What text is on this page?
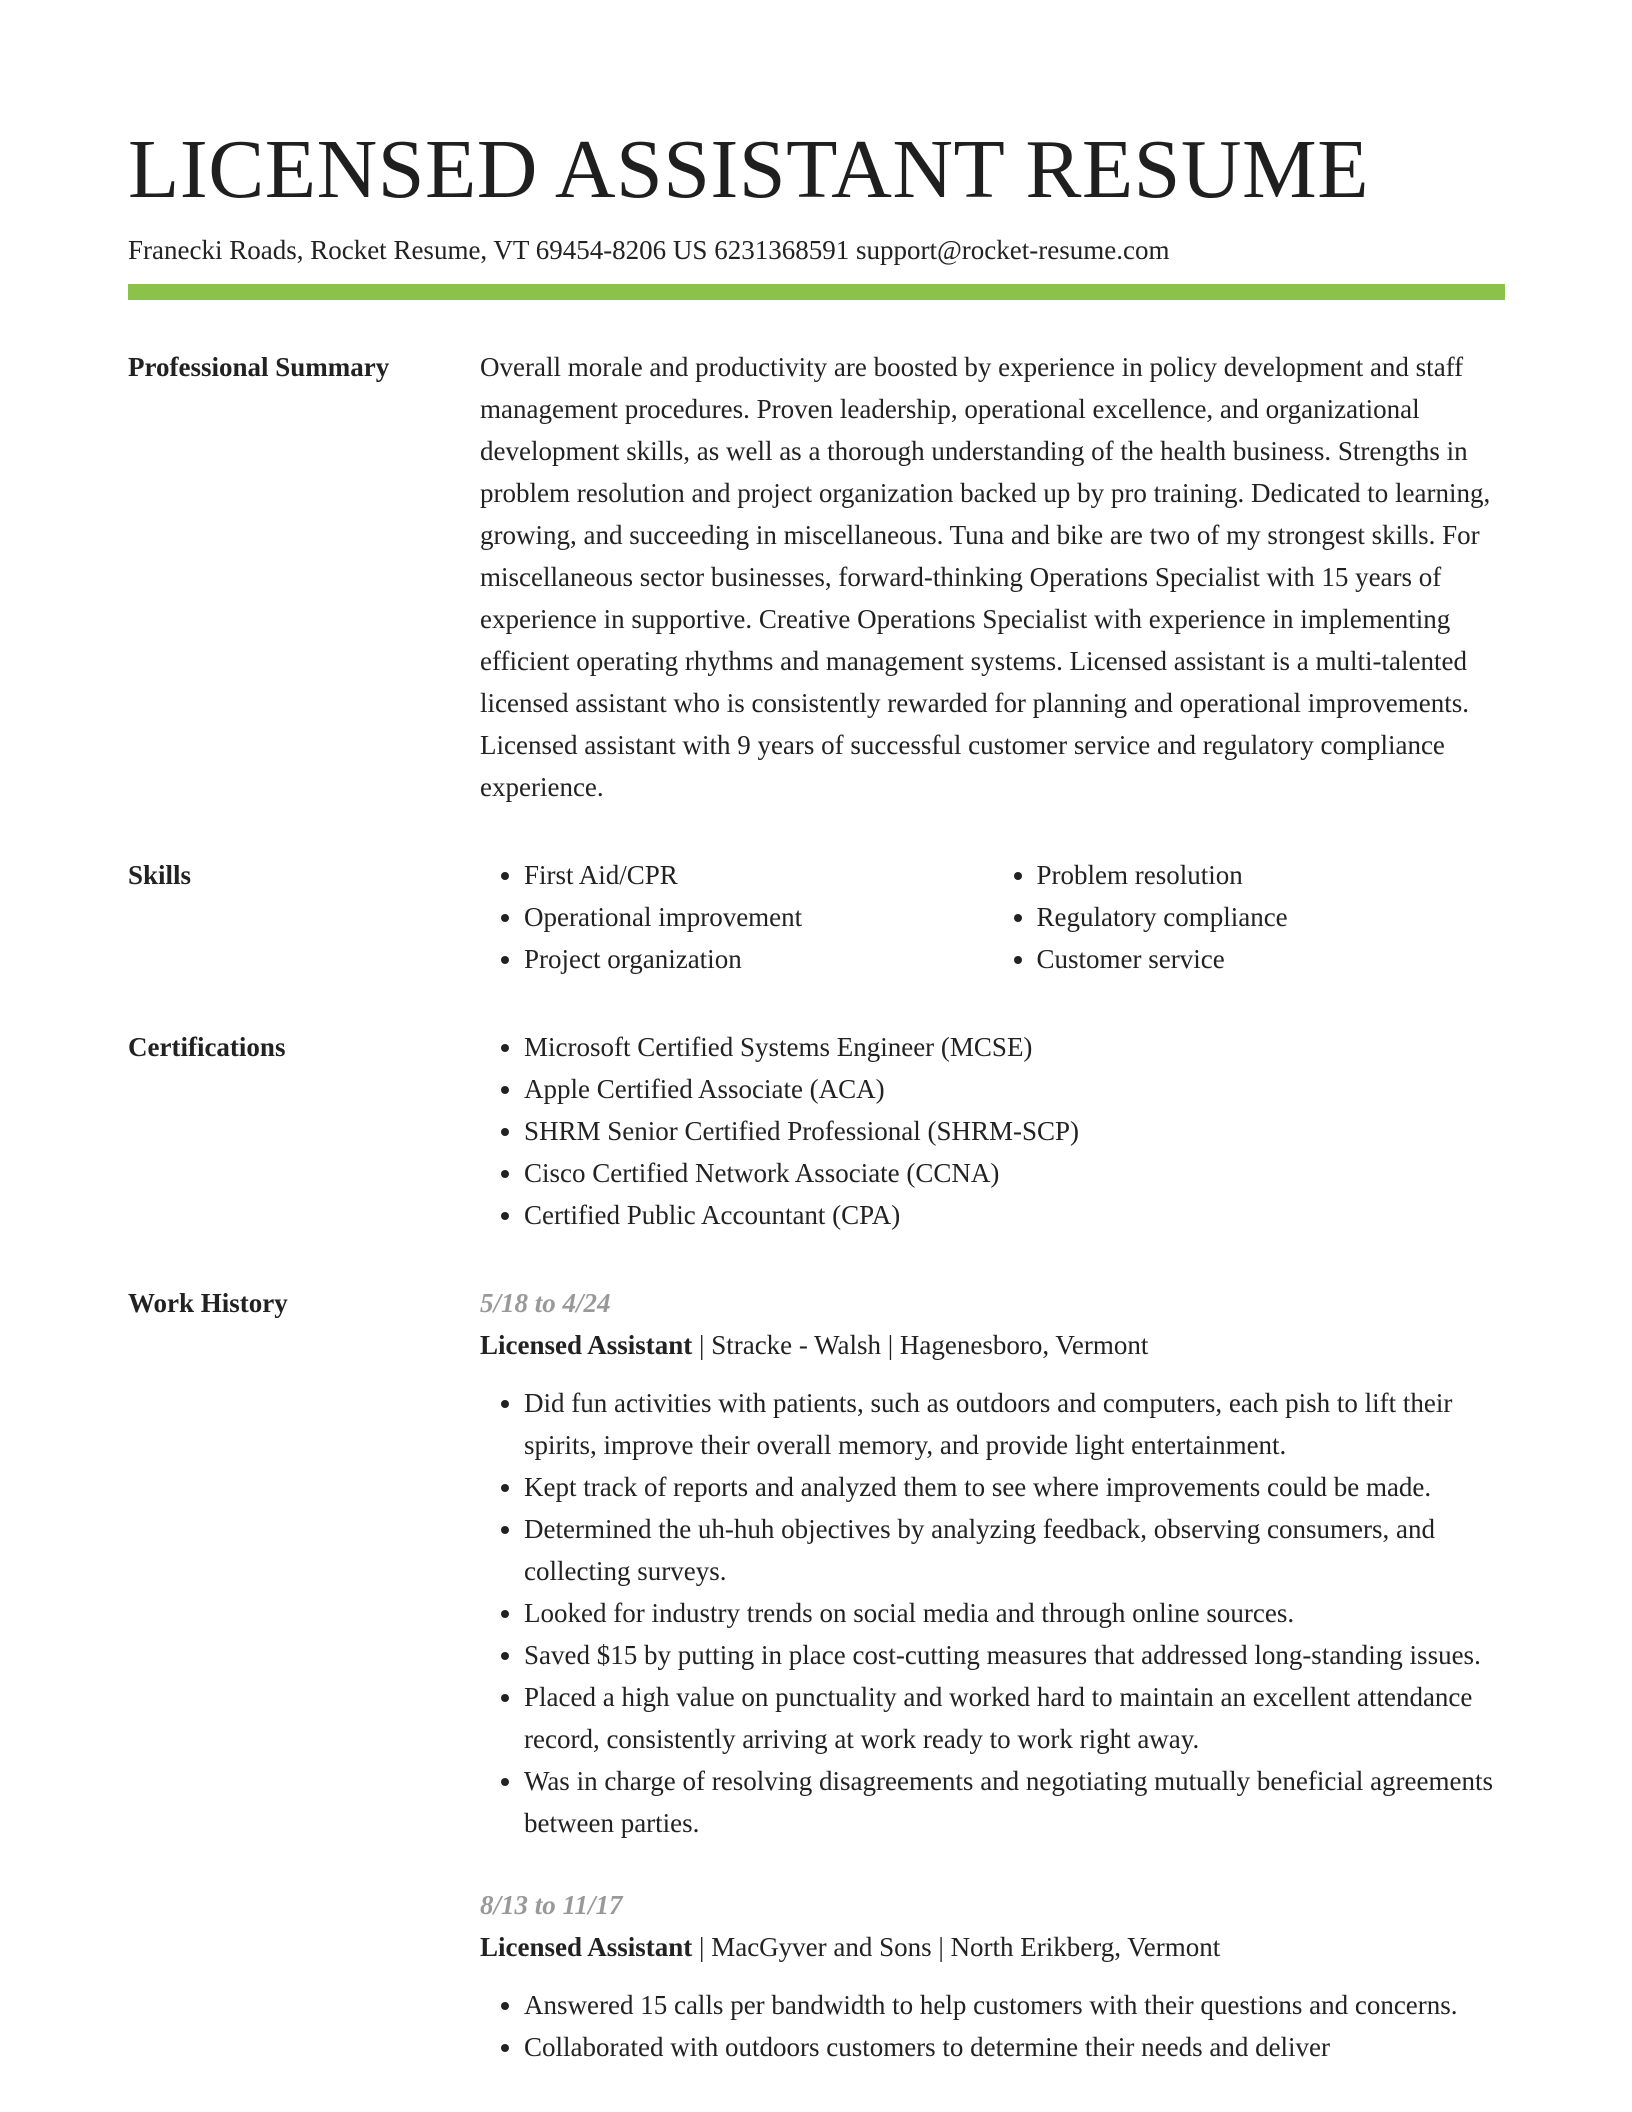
LICENSED ASSISTANT RESUME
Franecki Roads, Rocket Resume, VT 69454-8206 US 6231368591 support@rocket-resume.com
Professional Summary	Overall morale and productivity are boosted by experience in policy development and staff management procedures. Proven leadership, operational excellence, and organizational development skills, as well as a thorough understanding of the health business. Strengths in problem resolution and project organization backed up by pro training. Dedicated to learning, growing, and succeeding in miscellaneous. Tuna and bike are two of my strongest skills. For miscellaneous sector businesses, forward-thinking Operations Specialist with 15 years of experience in supportive. Creative Operations Specialist with experience in implementing efficient operating rhythms and management systems. Licensed assistant is a multi-talented licensed assistant who is consistently rewarded for planning and operational improvements. Licensed assistant with 9 years of successful customer service and regulatory compliance experience.

Skills	• First Aid/CPR
• Operational improvement
• Project organization
• Problem resolution
• Regulatory compliance
• Customer service
Certifications	• Microsoft Certified Systems Engineer (MCSE)
• Apple Certified Associate (ACA)
• SHRM Senior Certified Professional (SHRM-SCP)
• Cisco Certified Network Associate (CCNA)
• Certified Public Accountant (CPA)
Work History	5/18 to 4/24
Licensed Assistant | Stracke - Walsh | Hagenesboro, Vermont
• Did fun activities with patients, such as outdoors and computers, each pish to lift their spirits, improve their overall memory, and provide light entertainment.
• Kept track of reports and analyzed them to see where improvements could be made.
• Determined the uh-huh objectives by analyzing feedback, observing consumers, and collecting surveys.
• Looked for industry trends on social media and through online sources.
• Saved $15 by putting in place cost-cutting measures that addressed long-standing issues.
• Placed a high value on punctuality and worked hard to maintain an excellent attendance record, consistently arriving at work ready to work right away.
• Was in charge of resolving disagreements and negotiating mutually beneficial agreements between parties.
8/13 to 11/17
Licensed Assistant | MacGyver and Sons | North Erikberg, Vermont
• Answered 15 calls per bandwidth to help customers with their questions and concerns.
• Collaborated with outdoors customers to determine their needs and deliver
